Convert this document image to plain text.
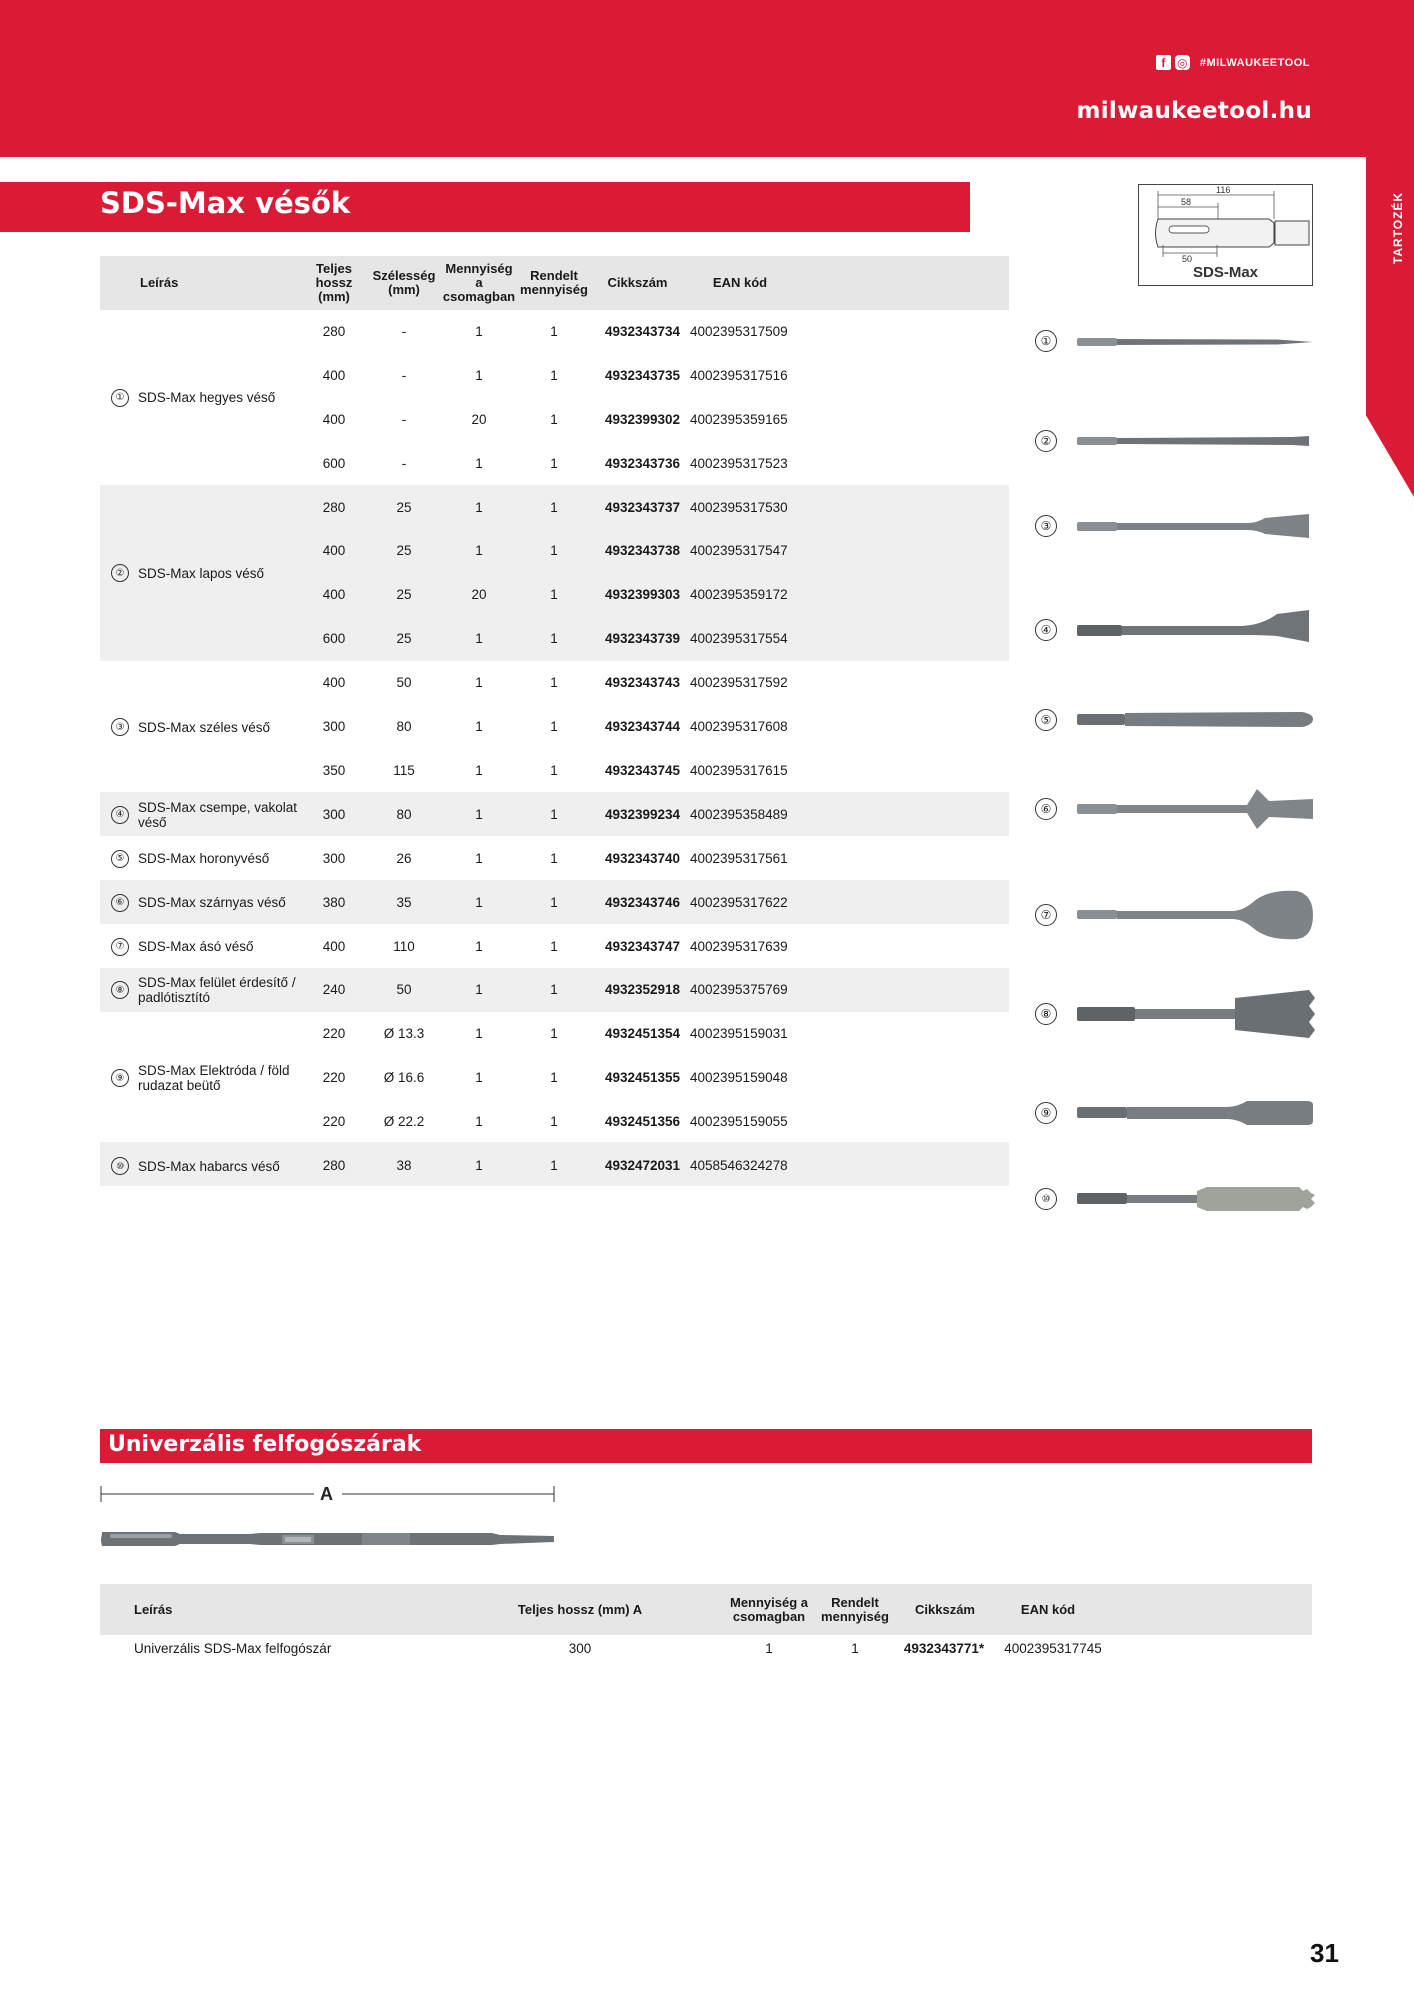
f ◎ #MILWAUKEETOOL
milwaukeetool.hu
TARTOZÉK
SDS-Max vésők	116
58
50
SDS-Max
Leírás
Teljes hossz (mm)
Szélesség (mm)
Mennyiség a csomagban
Rendelt mennyiség	Cikkszám	EAN kód
①	SDS-Max hegyes véső
280	-	1	1	4932343734 4002395317509
400	-	1	1	4932343735 4002395317516
400	-	20	1	4932399302 4002395359165
600	-	1	1	4932343736 4002395317523
②	SDS-Max lapos véső
280	25	1	1	4932343737 4002395317530
400	25	1	1	4932343738 4002395317547
400	25	20	1	4932399303 4002395359172
600	25	1	1	4932343739 4002395317554
③	SDS-Max széles véső
400	50	1	1	4932343743 4002395317592
300	80	1	1	4932343744 4002395317608
350	115	1	1	4932343745 4002395317615
④	SDS-Max csempe, vakolat véső
300	80	1	1	4932399234 4002395358489
⑤	SDS-Max horonyvéső	300	26	1	1	4932343740 4002395317561
⑥	SDS-Max szárnyas véső	380	35	1	1	4932343746 4002395317622
⑦	SDS-Max ásó véső	400	110	1	1	4932343747 4002395317639
⑧	SDS-Max felület érdesítő / padlótisztító
240	50	1	1	4932352918 4002395375769
⑨	SDS-Max Elektróda / föld rudazat beütő
220	Ø 13.3	1	1	4932451354 4002395159031
220	Ø 16.6	1	1	4932451355 4002395159048
220	Ø 22.2	1	1	4932451356 4002395159055
⑩	SDS-Max habarcs véső	280	38	1	1	4932472031 4058546324278
①
②
③
④
⑤
⑥
⑦
⑧
⑨
⑩
Univerzális felfogószárak
A
Leírás	Teljes hossz (mm) A	Mennyiség a csomagban
Rendelt mennyiség	Cikkszám	EAN kód
Univerzális SDS-Max felfogószár	300	1	1	4932343771*	4002395317745
31
